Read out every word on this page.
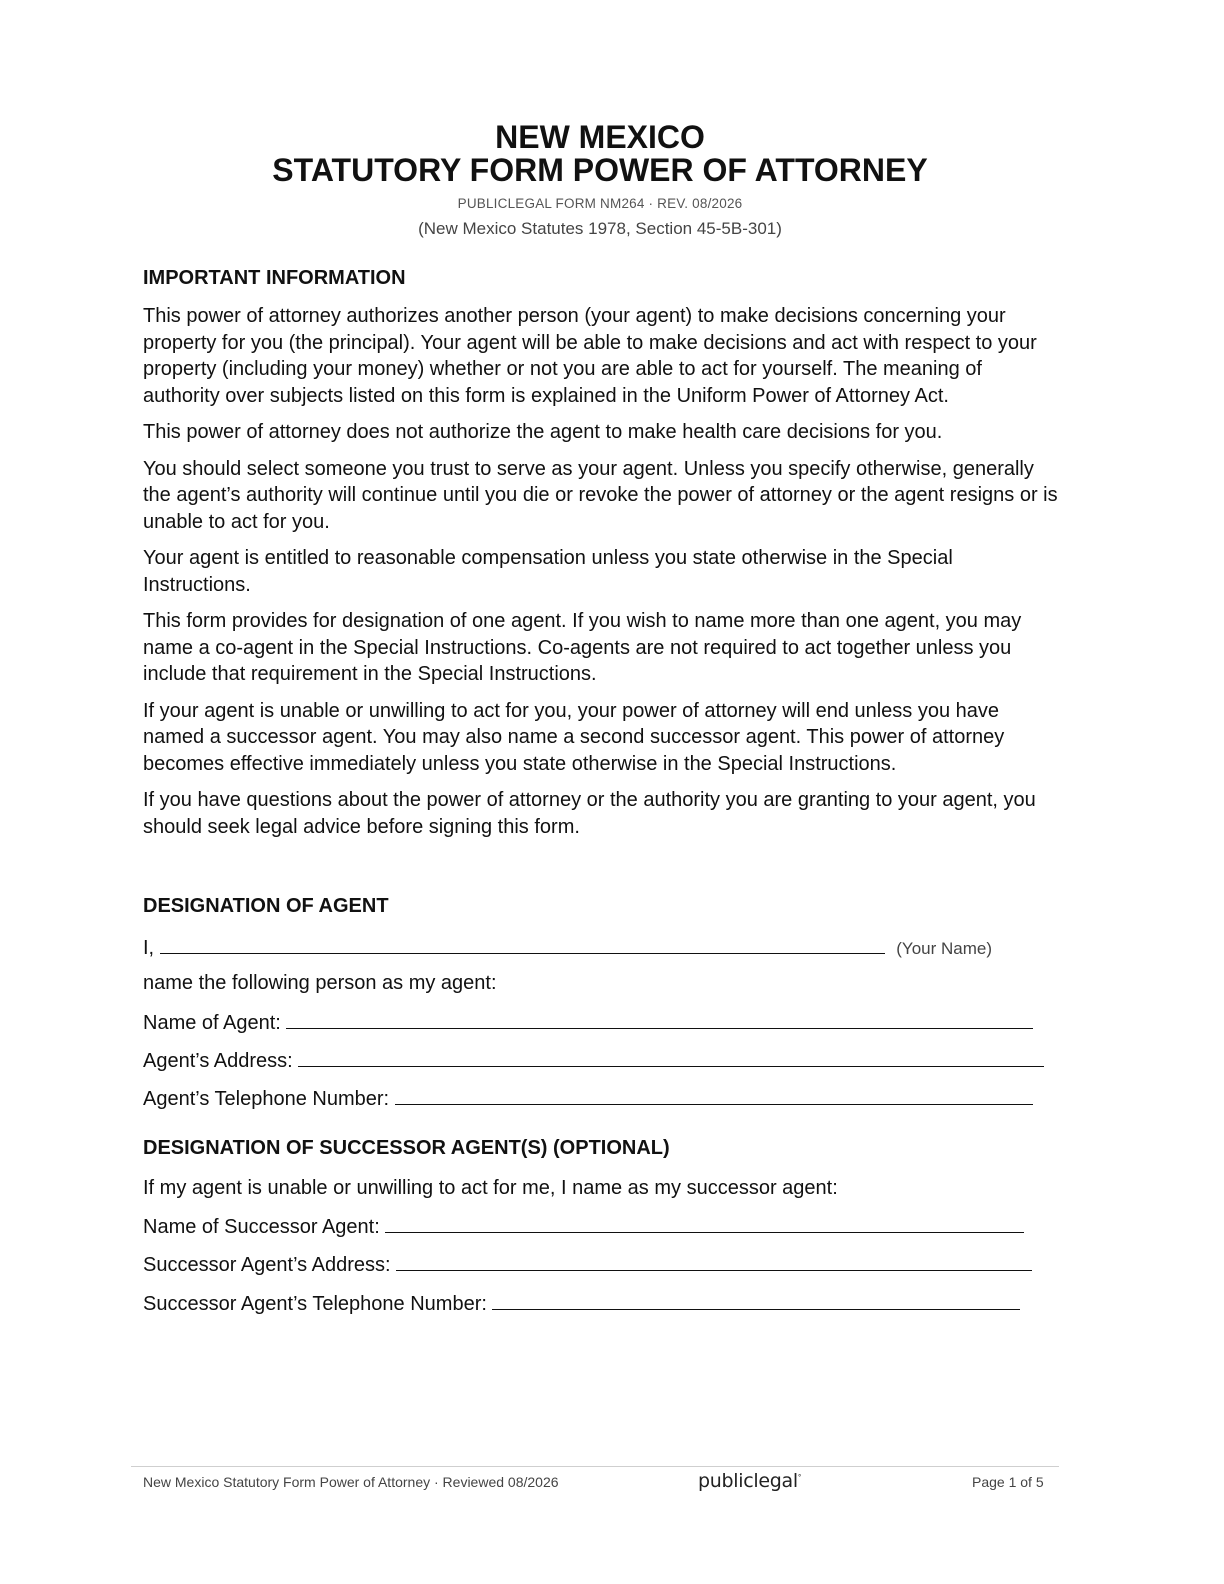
NEW MEXICO
STATUTORY FORM POWER OF ATTORNEY
PUBLICLEGAL FORM NM264 · REV. 08/2026
(New Mexico Statutes 1978, Section 45-5B-301)
IMPORTANT INFORMATION

This power of attorney authorizes another person (your agent) to make decisions concerning your property for you (the principal). Your agent will be able to make decisions and act with respect to your property (including your money) whether or not you are able to act for yourself. The meaning of authority over subjects listed on this form is explained in the Uniform Power of Attorney Act.

This power of attorney does not authorize the agent to make health care decisions for you.

You should select someone you trust to serve as your agent. Unless you specify otherwise, generally the agent’s authority will continue until you die or revoke the power of attorney or the agent resigns or is unable to act for you.

Your agent is entitled to reasonable compensation unless you state otherwise in the Special Instructions.

This form provides for designation of one agent. If you wish to name more than one agent, you may name a co-agent in the Special Instructions. Co-agents are not required to act together unless you include that requirement in the Special Instructions.

If your agent is unable or unwilling to act for you, your power of attorney will end unless you have named a successor agent. You may also name a second successor agent. This power of attorney becomes effective immediately unless you state otherwise in the Special Instructions.

If you have questions about the power of attorney or the authority you are granting to your agent, you should seek legal advice before signing this form.

DESIGNATION OF AGENT
I,	(Your Name)
name the following person as my agent:
Name of Agent:
Agent’s Address:
Agent’s Telephone Number:
DESIGNATION OF SUCCESSOR AGENT(S) (OPTIONAL)
If my agent is unable or unwilling to act for me, I name as my successor agent:
Name of Successor Agent:
Successor Agent’s Address:
Successor Agent’s Telephone Number:
New Mexico Statutory Form Power of Attorney · Reviewed 08/2026	publiclegal°	Page 1 of 5
